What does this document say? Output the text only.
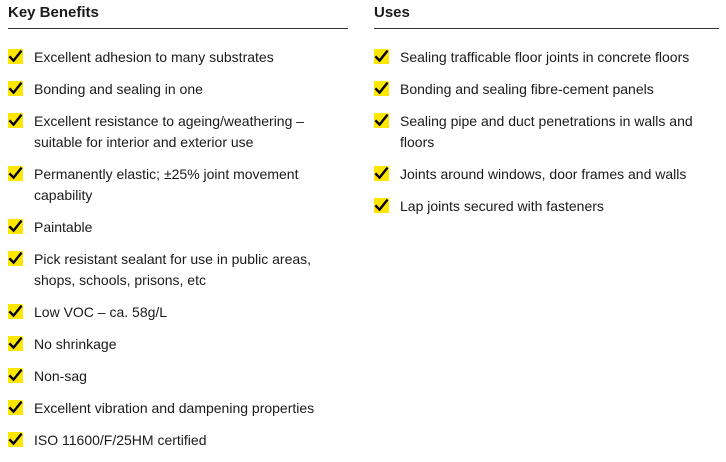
Key Benefits
Excellent adhesion to many substrates
Bonding and sealing in one
Excellent resistance to ageing/weathering – suitable for interior and exterior use
Permanently elastic; ±25% joint movement capability
Paintable
Pick resistant sealant for use in public areas, shops, schools, prisons, etc
Low VOC – ca. 58g/L
No shrinkage
Non-sag
Excellent vibration and dampening properties
ISO 11600/F/25HM certified
Uses
Sealing trafficable floor joints in concrete floors
Bonding and sealing fibre-cement panels
Sealing pipe and duct penetrations in walls and floors
Joints around windows, door frames and walls
Lap joints secured with fasteners
